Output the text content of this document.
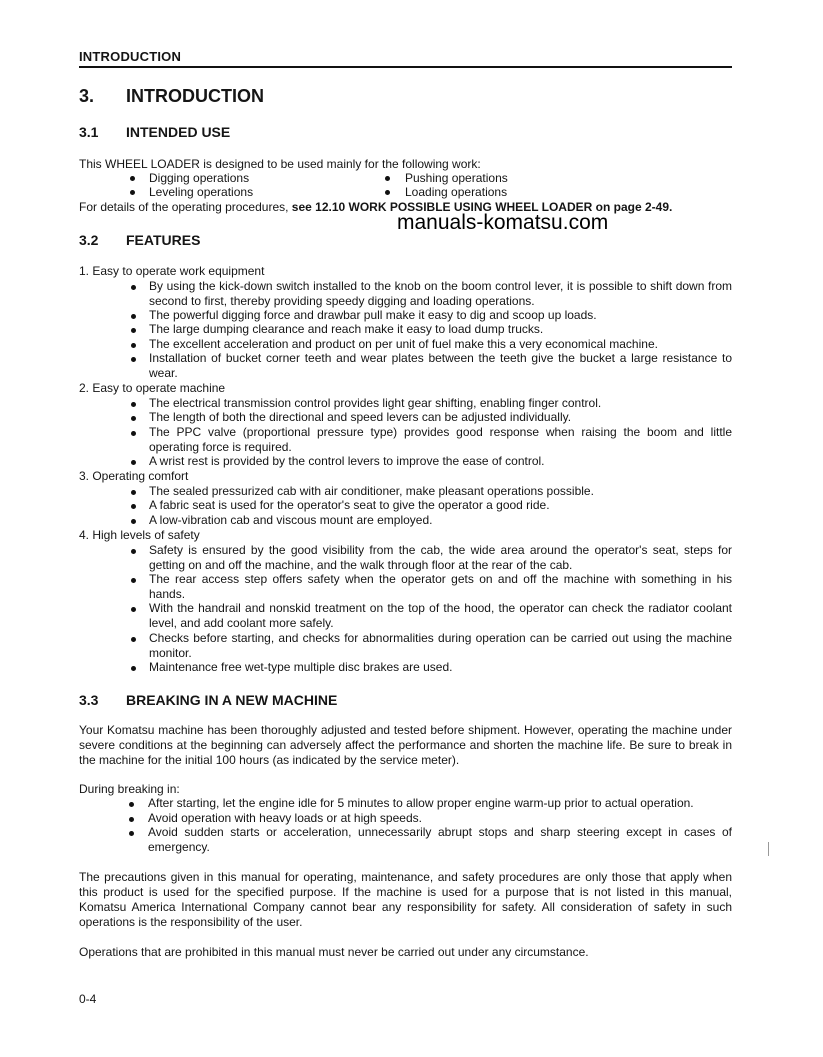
INTRODUCTION
3. INTRODUCTION
3.1 INTENDED USE
This WHEEL LOADER is designed to be used mainly for the following work:
Digging operations	Pushing operations
Leveling operations	Loading operations
For details of the operating procedures, see 12.10 WORK POSSIBLE USING WHEEL LOADER on page 2-49.
manuals-komatsu.com
3.2 FEATURES
1. Easy to operate work equipment
By using the kick-down switch installed to the knob on the boom control lever, it is possible to shift down from second to first, thereby providing speedy digging and loading operations.
The powerful digging force and drawbar pull make it easy to dig and scoop up loads.
The large dumping clearance and reach make it easy to load dump trucks.
The excellent acceleration and product on per unit of fuel make this a very economical machine.
Installation of bucket corner teeth and wear plates between the teeth give the bucket a large resistance to wear.
2. Easy to operate machine
The electrical transmission control provides light gear shifting, enabling finger control.
The length of both the directional and speed levers can be adjusted individually.
The PPC valve (proportional pressure type) provides good response when raising the boom and little operating force is required.
A wrist rest is provided by the control levers to improve the ease of control.
3. Operating comfort
The sealed pressurized cab with air conditioner, make pleasant operations possible.
A fabric seat is used for the operator's seat to give the operator a good ride.
A low-vibration cab and viscous mount are employed.
4. High levels of safety
Safety is ensured by the good visibility from the cab, the wide area around the operator's seat, steps for getting on and off the machine, and the walk through floor at the rear of the cab.
The rear access step offers safety when the operator gets on and off the machine with something in his hands.
With the handrail and nonskid treatment on the top of the hood, the operator can check the radiator coolant level, and add coolant more safely.
Checks before starting, and checks for abnormalities during operation can be carried out using the machine monitor.
Maintenance free wet-type multiple disc brakes are used.
3.3 BREAKING IN A NEW MACHINE
Your Komatsu machine has been thoroughly adjusted and tested before shipment. However, operating the machine under severe conditions at the beginning can adversely affect the performance and shorten the machine life. Be sure to break in the machine for the initial 100 hours (as indicated by the service meter).
During breaking in:
After starting, let the engine idle for 5 minutes to allow proper engine warm-up prior to actual operation.
Avoid operation with heavy loads or at high speeds.
Avoid sudden starts or acceleration, unnecessarily abrupt stops and sharp steering except in cases of emergency.
The precautions given in this manual for operating, maintenance, and safety procedures are only those that apply when this product is used for the specified purpose. If the machine is used for a purpose that is not listed in this manual, Komatsu America International Company cannot bear any responsibility for safety. All consideration of safety in such operations is the responsibility of the user.
Operations that are prohibited in this manual must never be carried out under any circumstance.
0-4
